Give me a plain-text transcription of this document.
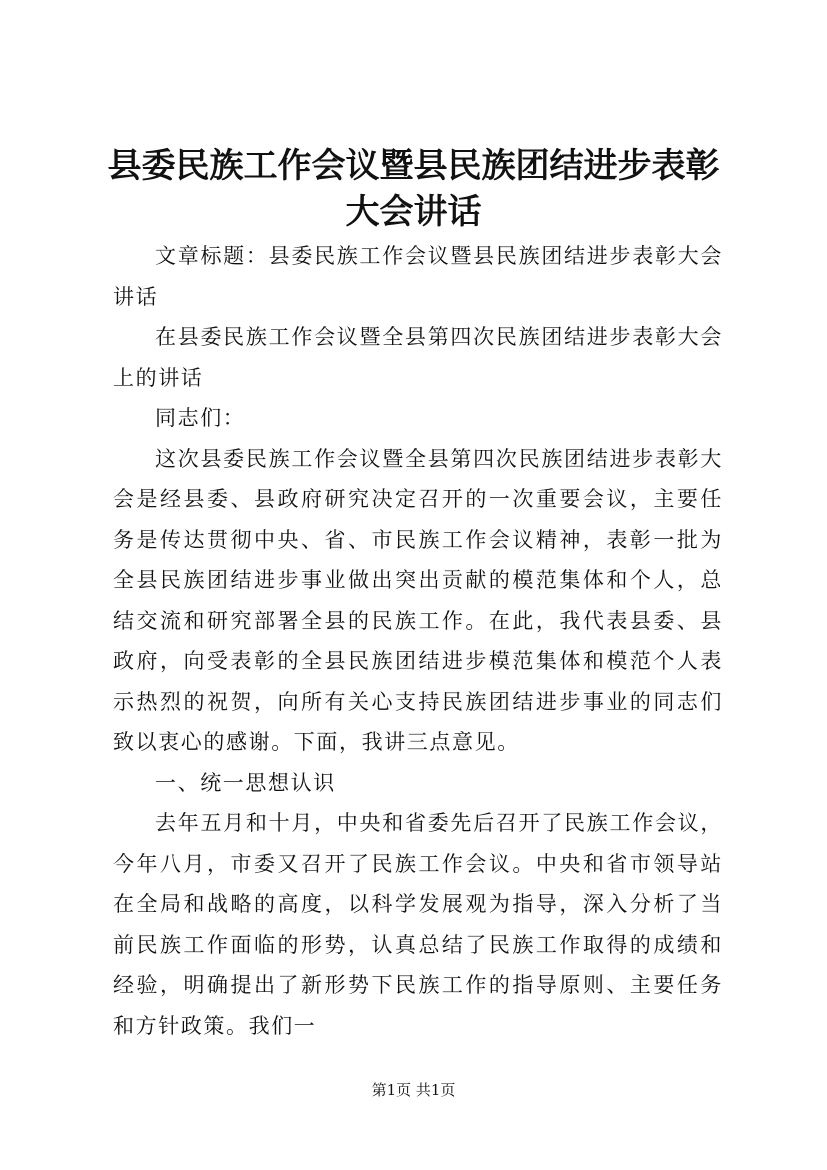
县委民族工作会议暨县民族团结进步表彰大会讲话

文章标题：县委民族工作会议暨县民族团结进步表彰大会讲话

在县委民族工作会议暨全县第四次民族团结进步表彰大会上的讲话

同志们：

这次县委民族工作会议暨全县第四次民族团结进步表彰大会是经县委、县政府研究决定召开的一次重要会议，主要任务是传达贯彻中央、省、市民族工作会议精神，表彰一批为全县民族团结进步事业做出突出贡献的模范集体和个人，总结交流和研究部署全县的民族工作。在此，我代表县委、县政府，向受表彰的全县民族团结进步模范集体和模范个人表示热烈的祝贺，向所有关心支持民族团结进步事业的同志们致以衷心的感谢。下面，我讲三点意见。

一、统一思想认识

去年五月和十月，中央和省委先后召开了民族工作会议，今年八月，市委又召开了民族工作会议。中央和省市领导站在全局和战略的高度，以科学发展观为指导，深入分析了当前民族工作面临的形势，认真总结了民族工作取得的成绩和经验，明确提出了新形势下民族工作的指导原则、主要任务和方针政策。我们一

第1页 共1页
